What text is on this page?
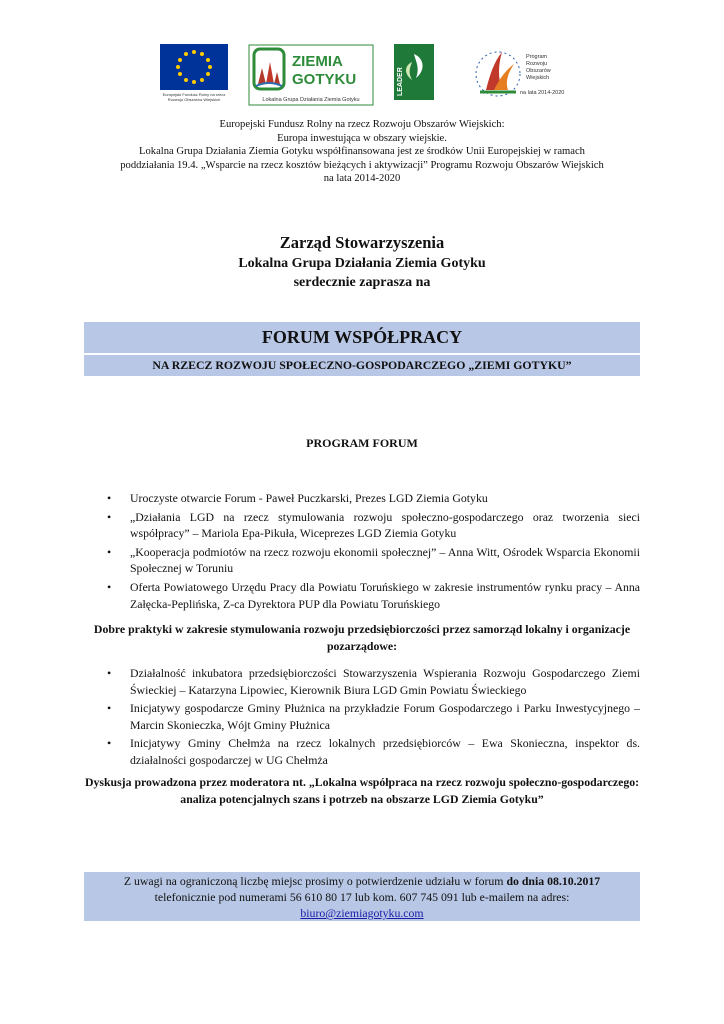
Europejski Fundusz Rolny na rzecz
Rozwoju Obszarów Wiejskich
ZIEMIA
GOTYKU
Lokalna Grupa Działania Ziemia Gotyku
LEADER
Program
Rozwoju
Obszarów
Wiejskich
na lata 2014-2020
Europejski Fundusz Rolny na rzecz Rozwoju Obszarów Wiejskich:
Europa inwestująca w obszary wiejskie.
Lokalna Grupa Działania Ziemia Gotyku współfinansowana jest ze środków Unii Europejskiej w ramach
poddziałania 19.4. „Wsparcie na rzecz kosztów bieżących i aktywizacji” Programu Rozwoju Obszarów Wiejskich
na lata 2014-2020
Zarząd Stowarzyszenia
Lokalna Grupa Działania Ziemia Gotyku
serdecznie zaprasza na
FORUM WSPÓŁPRACY
NA RZECZ ROZWOJU SPOŁECZNO-GOSPODARCZEGO „ZIEMI GOTYKU”
PROGRAM FORUM
• Uroczyste otwarcie Forum - Paweł Puczkarski, Prezes LGD Ziemia Gotyku
• „Działania LGD na rzecz stymulowania rozwoju społeczno-gospodarczego oraz tworzenia sieci współpracy” – Mariola Epa-Pikuła, Wiceprezes LGD Ziemia Gotyku
• „Kooperacja podmiotów na rzecz rozwoju ekonomii społecznej” – Anna Witt, Ośrodek Wsparcia Ekonomii Społecznej w Toruniu
• Oferta Powiatowego Urzędu Pracy dla Powiatu Toruńskiego w zakresie instrumentów rynku pracy – Anna Załęcka-Peplińska, Z-ca Dyrektora PUP dla Powiatu Toruńskiego
Dobre praktyki w zakresie stymulowania rozwoju przedsiębiorczości przez samorząd lokalny i organizacje pozarządowe:
• Działalność inkubatora przedsiębiorczości Stowarzyszenia Wspierania Rozwoju Gospodarczego Ziemi Świeckiej – Katarzyna Lipowiec, Kierownik Biura LGD Gmin Powiatu Świeckiego
• Inicjatywy gospodarcze Gminy Płużnica na przykładzie Forum Gospodarczego i Parku Inwestycyjnego – Marcin Skonieczka, Wójt Gminy Płużnica
• Inicjatywy Gminy Chełmża na rzecz lokalnych przedsiębiorców – Ewa Skonieczna, inspektor ds. działalności gospodarczej w UG Chełmża
Dyskusja prowadzona przez moderatora nt. „Lokalna współpraca na rzecz rozwoju społeczno-gospodarczego: analiza potencjalnych szans i potrzeb na obszarze LGD Ziemia Gotyku”
Z uwagi na ograniczoną liczbę miejsc prosimy o potwierdzenie udziału w forum do dnia 08.10.2017
telefonicznie pod numerami 56 610 80 17 lub kom. 607 745 091 lub e-mailem na adres:
biuro@ziemiagotyku.com
